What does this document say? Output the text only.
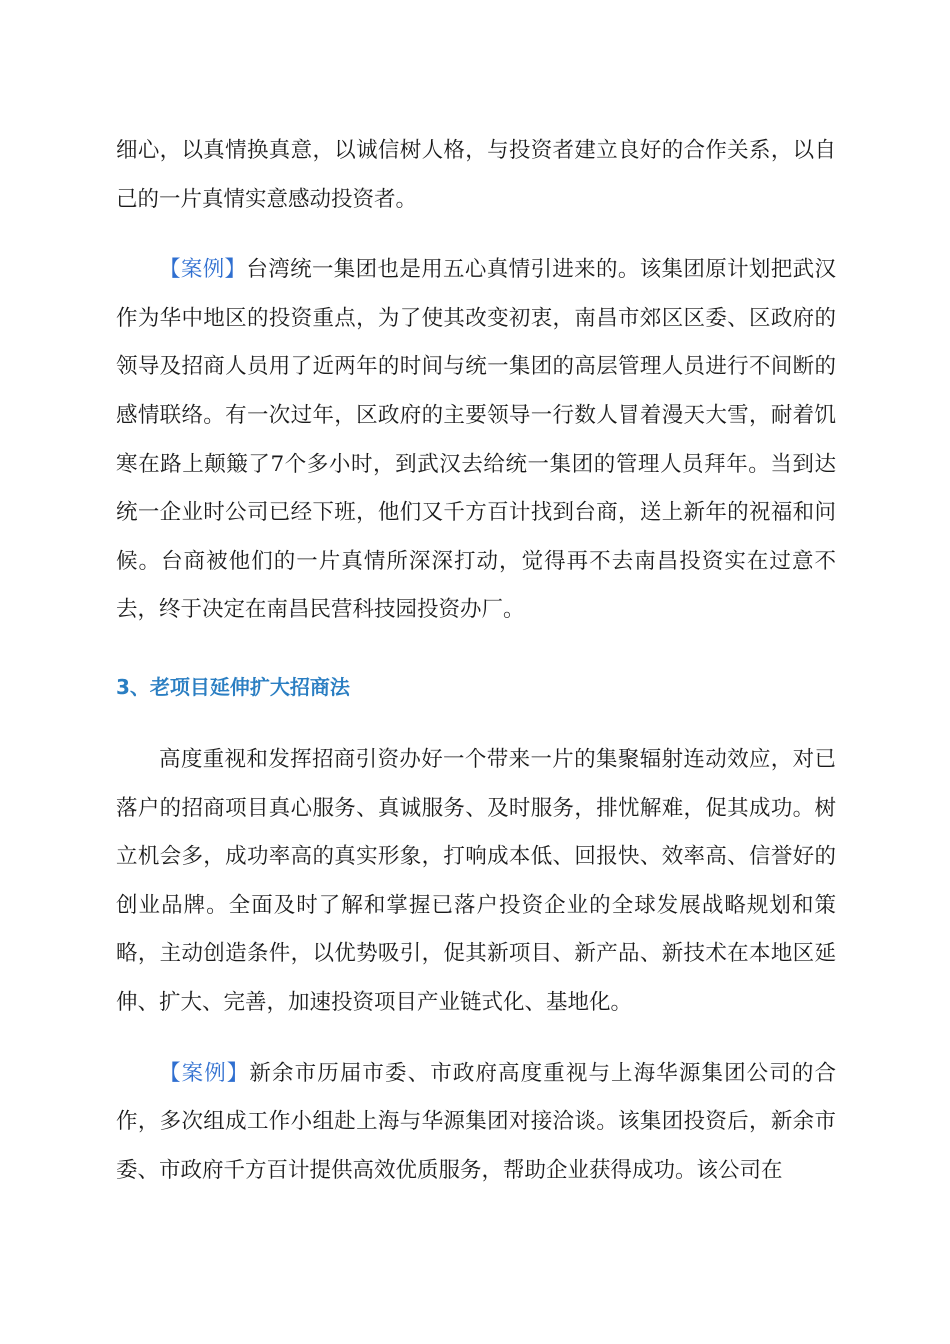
细心，以真情换真意，以诚信树人格，与投资者建立良好的合作关系，以自己的一片真情实意感动投资者。

【案例】台湾统一集团也是用五心真情引进来的。该集团原计划把武汉作为华中地区的投资重点，为了使其改变初衷，南昌市郊区区委、区政府的领导及招商人员用了近两年的时间与统一集团的高层管理人员进行不间断的感情联络。有一次过年，区政府的主要领导一行数人冒着漫天大雪，耐着饥寒在路上颠簸了7个多小时，到武汉去给统一集团的管理人员拜年。当到达统一企业时公司已经下班，他们又千方百计找到台商，送上新年的祝福和问候。台商被他们的一片真情所深深打动，觉得再不去南昌投资实在过意不去，终于决定在南昌民营科技园投资办厂。

3、老项目延伸扩大招商法

高度重视和发挥招商引资办好一个带来一片的集聚辐射连动效应，对已落户的招商项目真心服务、真诚服务、及时服务，排忧解难，促其成功。树立机会多，成功率高的真实形象，打响成本低、回报快、效率高、信誉好的创业品牌。全面及时了解和掌握已落户投资企业的全球发展战略规划和策略，主动创造条件，以优势吸引，促其新项目、新产品、新技术在本地区延伸、扩大、完善，加速投资项目产业链式化、基地化。

【案例】新余市历届市委、市政府高度重视与上海华源集团公司的合作，多次组成工作小组赴上海与华源集团对接洽谈。该集团投资后，新余市委、市政府千方百计提供高效优质服务，帮助企业获得成功。该公司在
